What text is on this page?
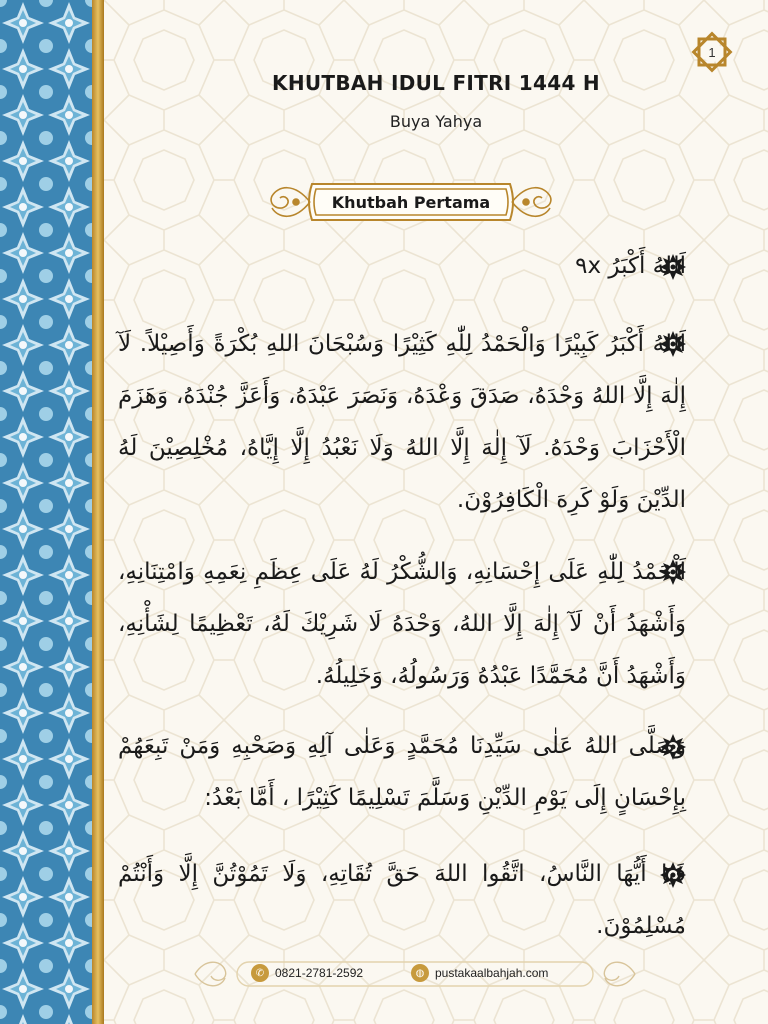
1
KHUTBAH IDUL FITRI 1444 H
Buya Yahya
Khutbah Pertama
اَللهُ أَكْبَرُ ٩x
اَللهُ أَكْبَرُ كَبِيْرًا وَالْحَمْدُ لِلّٰهِ كَثِيْرًا وَسُبْحَانَ اللهِ بُكْرَةً وَأَصِيْلاً. لَآ إِلٰهَ إِلَّا اللهُ وَحْدَهُ، صَدَقَ وَعْدَهُ، وَنَصَرَ عَبْدَهُ، وَأَعَزَّ جُنْدَهُ، وَهَزَمَ الْأَحْزَابَ وَحْدَهُ. لَآ إِلٰهَ إِلَّا اللهُ وَلَا نَعْبُدُ إِلَّا إِيَّاهُ، مُخْلِصِيْنَ لَهُ الدِّيْنَ وَلَوْ كَرِهَ الْكَافِرُوْنَ.
اَلْحَمْدُ لِلّٰهِ عَلَى إِحْسَانِهِ، وَالشُّكْرُ لَهُ عَلَى عِظَمِ نِعَمِهِ وَامْتِنَانِهِ، وَأَشْهَدُ أَنْ لَآ إِلٰهَ إِلَّا اللهُ، وَحْدَهُ لَا شَرِيْكَ لَهُ، تَعْظِيمًا لِشَأْنِهِ، وَأَشْهَدُ أَنَّ مُحَمَّدًا عَبْدُهُ وَرَسُولُهُ، وَخَلِيلُهُ.
وَصَلَّى اللهُ عَلٰى سَيِّدِنَا مُحَمَّدٍ وَعَلٰى آلِهِ وَصَحْبِهِ وَمَنْ تَبِعَهُمْ بِإِحْسَانٍ إِلَى يَوْمِ الدِّيْنِ وَسَلَّمَ تَسْلِيمًا كَثِيْرًا ، أَمَّا بَعْدُ:
فَيَا أَيُّهَا النَّاسُ، اتَّقُوا اللهَ حَقَّ تُقَاتِهِ، وَلَا تَمُوْتُنَّ إِلَّا وَأَنْتُمْ مُسْلِمُوْنَ.
✆ 0821-2781-2592	◍ pustakaalbahjah.com
